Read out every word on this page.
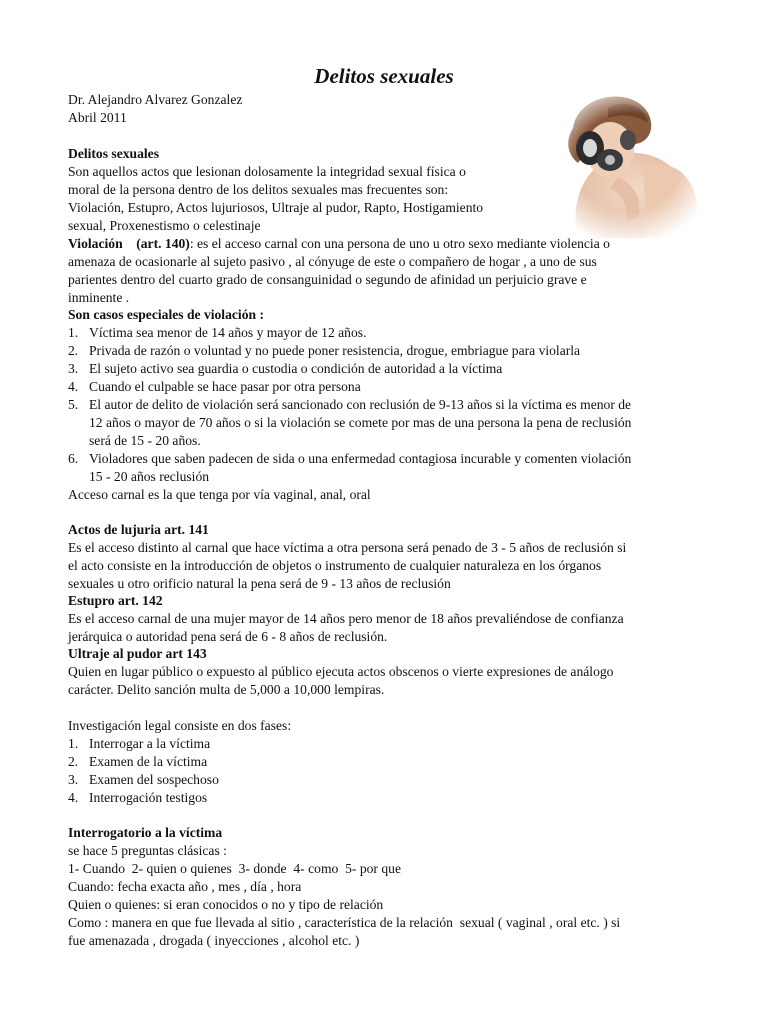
Delitos sexuales
Dr. Alejandro Alvarez Gonzalez
Abril 2011
Delitos sexuales
Son aquellos actos que lesionan dolosamente la integridad sexual física o
moral de la persona dentro de los delitos sexuales mas frecuentes son:
Violación, Estupro, Actos lujuriosos, Ultraje al pudor, Rapto, Hostigamiento
sexual, Proxenestismo o celestinaje
Violación    (art. 140): es el acceso carnal con una persona de uno u otro sexo mediante violencia o
amenaza de ocasionarle al sujeto pasivo , al cónyuge de este o compañero de hogar , a uno de sus
parientes dentro del cuarto grado de consanguinidad o segundo de afinidad un perjuicio grave e
inminente .
Son casos especiales de violación :
1. Víctima sea menor de 14 años y mayor de 12 años.
2. Privada de razón o voluntad y no puede poner resistencia, drogue, embriague para violarla
3. El sujeto activo sea guardia o custodia o condición de autoridad a la víctima
4. Cuando el culpable se hace pasar por otra persona
5. El autor de delito de violación será sancionado con reclusión de 9-13 años si la víctima es menor de
12 años o mayor de 70 años o si la violación se comete por mas de una persona la pena de reclusión
será de 15 - 20 años.
6. Violadores que saben padecen de sida o una enfermedad contagiosa incurable y comenten violación
15 - 20 años reclusión
Acceso carnal es la que tenga por vía vaginal, anal, oral
Actos de lujuria art. 141
Es el acceso distinto al carnal que hace víctima a otra persona será penado de 3 - 5 años de reclusión si
el acto consiste en la introducción de objetos o instrumento de cualquier naturaleza en los órganos
sexuales u otro orificio natural la pena será de 9 - 13 años de reclusión
Estupro art. 142
Es el acceso carnal de una mujer mayor de 14 años pero menor de 18 años prevaliéndose de confianza
jerárquica o autoridad pena será de 6 - 8 años de reclusión.
Ultraje al pudor art 143
Quien en lugar público o expuesto al público ejecuta actos obscenos o vierte expresiones de análogo
carácter. Delito sanción multa de 5,000 a 10,000 lempiras.
Investigación legal consiste en dos fases:
1. Interrogar a la víctima
2. Examen de la víctima
3. Examen del sospechoso
4. Interrogación testigos
Interrogatorio a la víctima
se hace 5 preguntas clásicas :
1- Cuando  2- quien o quienes  3- donde  4- como  5- por que
Cuando: fecha exacta año , mes , día , hora
Quien o quienes: si eran conocidos o no y tipo de relación
Como : manera en que fue llevada al sitio , característica de la relación  sexual ( vaginal , oral etc. ) si
fue amenazada , drogada ( inyecciones , alcohol etc. )
